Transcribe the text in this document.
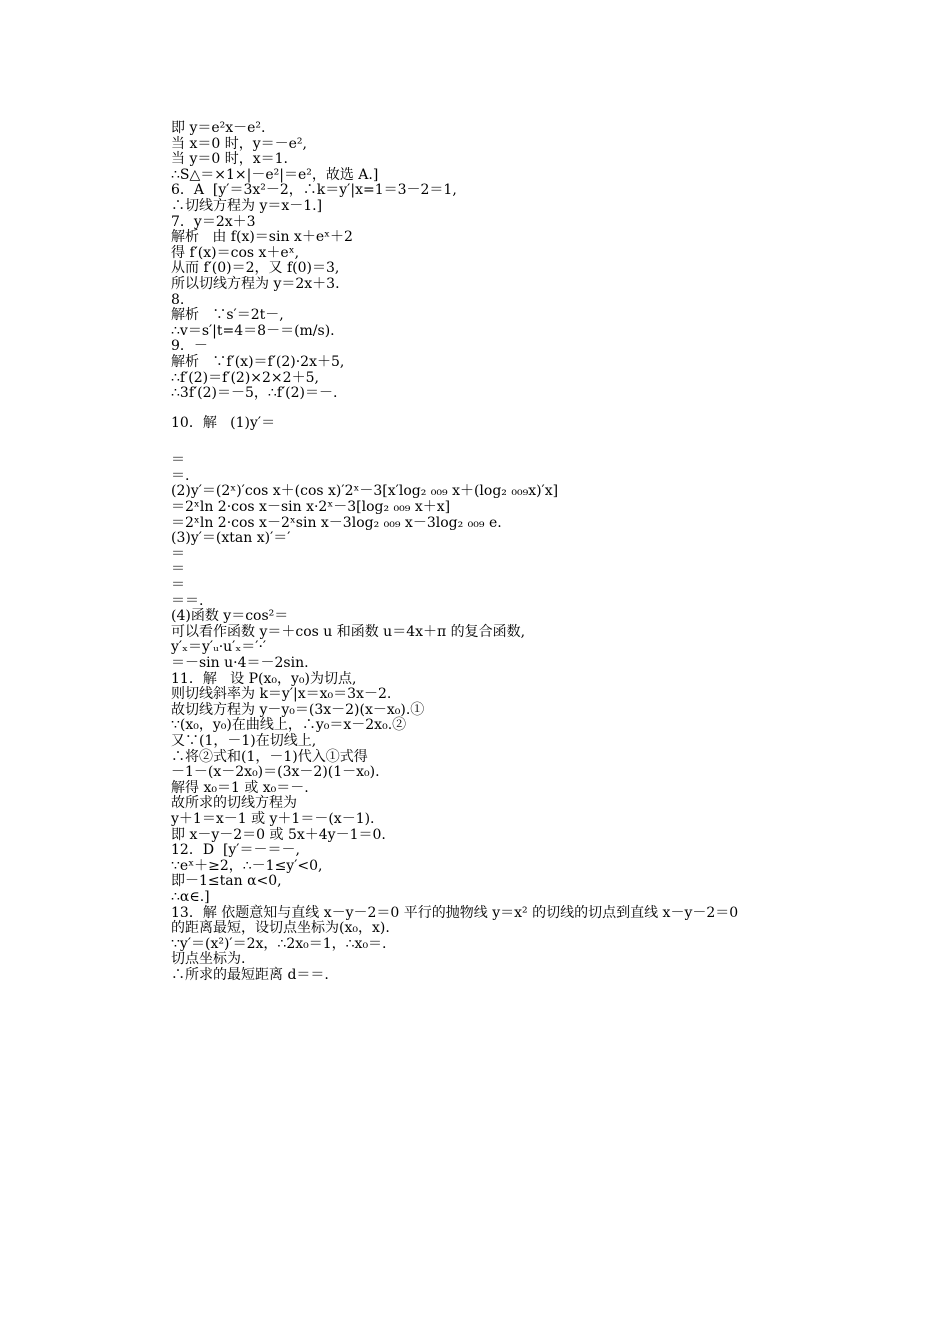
即 y＝e²x－e².
当 x＝0 时，y＝－e²,
当 y＝0 时，x＝1.
∴S△＝×1×|－e²|＝e²，故选 A.]
6．A  [y′＝3x²－2，∴k＝y′|x=1＝3－2＝1,
∴切线方程为 y＝x－1.]
7．y＝2x＋3
解析   由 f(x)＝sin x＋eˣ＋2
得 f′(x)＝cos x＋eˣ,
从而 f′(0)＝2，又 f(0)＝3,
所以切线方程为 y＝2x＋3.
8.
解析   ∵s′＝2t－,
∴v＝s′|t=4＝8－＝(m/s).
9．－
解析   ∵f′(x)＝f′(2)·2x＋5,
∴f′(2)＝f′(2)×2×2＋5,
∴3f′(2)＝－5，∴f′(2)＝－.
10．解   (1)y′＝
＝
＝.
(2)y′＝(2ˣ)′cos x＋(cos x)′2ˣ－3[x′log₂ ₀₀₉ x＋(log₂ ₀₀₉x)′x]
＝2ˣln 2·cos x－sin x·2ˣ－3[log₂ ₀₀₉ x＋x]
＝2ˣln 2·cos x－2ˣsin x－3log₂ ₀₀₉ x－3log₂ ₀₀₉ e.
(3)y′＝(xtan x)′＝′
＝
＝
＝
＝＝.
(4)函数 y＝cos²＝
可以看作函数 y＝＋cos u 和函数 u＝4x＋π 的复合函数,
y′ₓ＝y′ᵤ·u′ₓ＝′·′
＝－sin u·4＝－2sin.
11．解   设 P(x₀，y₀)为切点,
则切线斜率为 k＝y′|x＝x₀＝3x－2.
故切线方程为 y－y₀＝(3x－2)(x－x₀).①
∵(x₀，y₀)在曲线上，∴y₀＝x－2x₀.②
又∵(1，－1)在切线上,
∴将②式和(1，－1)代入①式得
－1－(x－2x₀)＝(3x－2)(1－x₀).
解得 x₀＝1 或 x₀＝－.
故所求的切线方程为
y＋1＝x－1 或 y＋1＝－(x－1).
即 x－y－2＝0 或 5x＋4y－1＝0.
12．D  [y′＝－＝－,
∵eˣ＋≥2，∴－1≤y′<0,
即－1≤tan α<0,
∴α∈.]
13．解 依题意知与直线 x－y－2＝0 平行的抛物线 y＝x² 的切线的切点到直线 x－y－2＝0
的距离最短，设切点坐标为(x₀，x).
∵y′＝(x²)′＝2x，∴2x₀＝1，∴x₀＝.
切点坐标为.
∴所求的最短距离 d＝＝.
